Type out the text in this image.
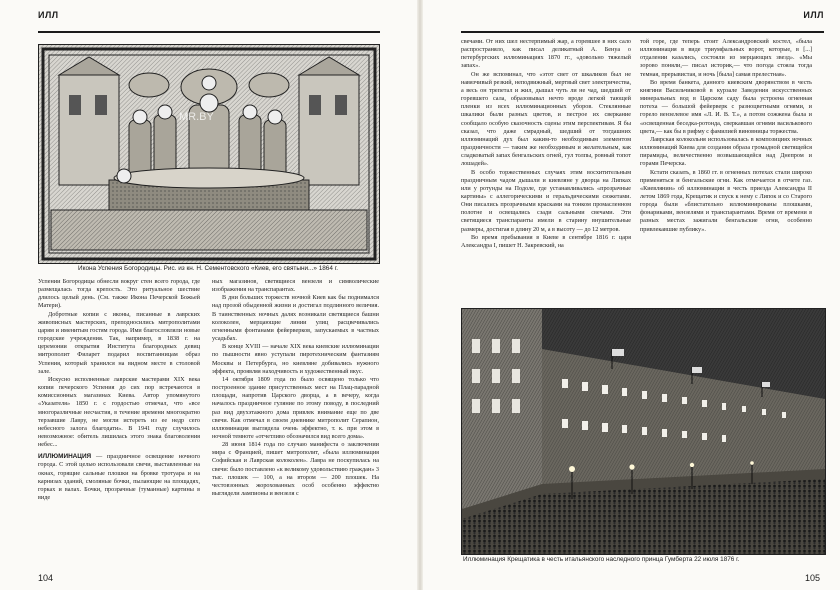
ИЛЛ
MR.BY
Икона Успения Богородицы. Рис. из кн. Н. Сементовского «Киев, его святыни...» 1864 г.

Успении Богородицы обнесли вокруг стен всего города, где размещалась тогда крепость. Это ритуальное шествие длилось целый день. (См. также Икона Печерской Божьей Матери).

Добротные копии с иконы, писанные в лаврских живописных мастерских, преподносились митрополитами царям и именитым гостям города. Ими благословляли новые городские учреждения. Так, например, в 1838 г. на церемонии открытия Института благородных девиц митрополит Филарет подарил воспитанницам образ Успения, который хранился на видном месте в столовой зале.

Искусно исполненные лаврские мастерами XIX века копии печерского Успения до сих пор встречаются в комиссионных магазинах Киева. Автор упомянутого «Указателя» 1850 г. с гордостью отмечал, что «все многоразличные несчастия, в течение времени многократно терзавшие Лавру, не могли истереть из ее недр сего небесного залога благодати». В 1941 году случилось невозможное: обитель лишилась этого знака благоволения небес...

ИЛЛЮМИНАЦИЯ — праздничное освещение ночного города. С этой целью использовали свечи, выставленные на окнах, горящие сальные плошки на бровке тротуара и на карнизах зданий, смоляные бочки, пылающие на площадях, горках и валах. Бочки, прозрачные (туманные) картины в виде

ных магазинов, светящиеся вензеля и символические изображения на транспарантах.

В дни больших торжеств ночной Киев как бы поднимался над прозой обыденной жизни и достигал подлинного величия. В таинственных ночных далях возникали светящиеся башни колоколен, мерцающие линии улиц расцвечивались огненными фонтанами фейерверков, запускаемых в частных усадьбах.

В конце XVIII — начале XIX века киевские иллюминации по пышности явно уступали пиротехническим фантазиям Москвы и Петербурга, но киевляне добивались нужного эффекта, проявляя находчивость и художественный вкус.

14 октября 1809 года по было освящено только что построенное здание присутственных мест на Плац-парадной площади, напротив Царского дворца, а в вечеру, когда началось праздничное гуляние по этому поводу, в последний раз вид двухэтажного дома привлек внимание еще по две свечи. Как отмечал в своем дневнике митрополит Серапион, иллюминация выглядела очень эффектно, т. к. при этом в ночной темноте «отчетливо обозначился вид всего дома».

28 июня 1814 года по случаю манифеста о заключении мира с Францией, пишет митрополит, «была иллюминация Софийская и Лаврская колоколен». Лавра не поскупилась на свечи: было поставлено «к великому удовольствию граждан» 3 тыс. плошек — 100, а на втором — 200 плошек. На честовзонных жорохованных особ особенно эффектно выглядели лампионы и вензеля с

104
ИЛЛ

свечами. От них шел нестерпимый жар, а горевшее в них сало распространяло, как писал деликатный А. Бенуа о петербургских иллюминациях 1870 гг., «довольно тяжелый запах».

Он же вспоминал, что «этот свет от шкаликов был не навязчивый резкий, неподвижный, мертвый свет электричества, а весь он трепетал и жил, дышал чуть ли не чад, шедший от горевшего сала, образовывал нечто вроде легкой тающей пленки из всех иллюминационных уборов. Стеклянные шкалики были разных цветов, и пестрое их сверкание сообщало особую сказочность сцены этим перспективам. Я бы сказал, что даже смрадный, шедший от тогдашних иллюминаций дух был каким-то необходимым элементом праздничности — таким же необходимым и желательным, как сладковатый запах бенгальских огней, гул толпы, ровный топот лошадей».

В особо торжественных случаях этим восхитительным праздничным чадом дышали и киевляне у дворца на Липках или у ротунды на Подоле, где устанавливались «прозрачные картины» с аллегорическими и геральдическими сюжетами. Они писались прозрачными красками на тонком промасленном полотне и освещались сзади сальными свечами. Эти светящиеся транспаранты имели в старину внушительные размеры, достигая в длину 20 м, а в высоту — до 12 метров.

Во время пребывания в Киеве в сентябре 1816 г. царя Александра I, пишет Н. Закревский, на

той горе, где теперь стоит Александровский костел, «была иллюминация в виде триумфальных ворот, которые, в [...] отдалении казались, состояли из мерцающих звезд». «Мы зорово поняли,— писал историк,— что погода стояла тогда темная, прерывистая, и ночь [была] самая прелестная».

Во время банкета, данного киевским дворянством в честь княгини Васильчиковой в курзале Заведения искусственных минеральных вод в Царском саду была устроена огненная потеха — большой фейерверк с разноцветными огнями, и горело вензелевое имя «Л. И. В. Т.», а потом сожжена была и «освещенная беседка-ротонда, сверкавшая огнями василькового цвета,— как бы в рифму с фамилией виновницы торжества.

Лаврская колокольня использовалась в композициях ночных иллюминаций Киева для создания образа громадной светящейся пирамиды, величественно возвышающейся над Днепром и горами Печерска.

Кстати сказать, в 1860 гг. в огненных потехах стали широко применяться и бенгальские огни. Как отмечается в отчете газ. «Киевлянин» об иллюминации в честь приезда Александра II летом 1869 года, Крещатик и спуск к нему с Липок и со Старого города были «блистательно иллюминированы плошками, фонариками, вензелями и транспарантами. Время от времени в разных местах зажигали бенгальские огни, особенно привлекавшие публику».

Иллюминация Крещатика в честь итальянского наследного принца Гумберта 22 июля 1876 г.
105
